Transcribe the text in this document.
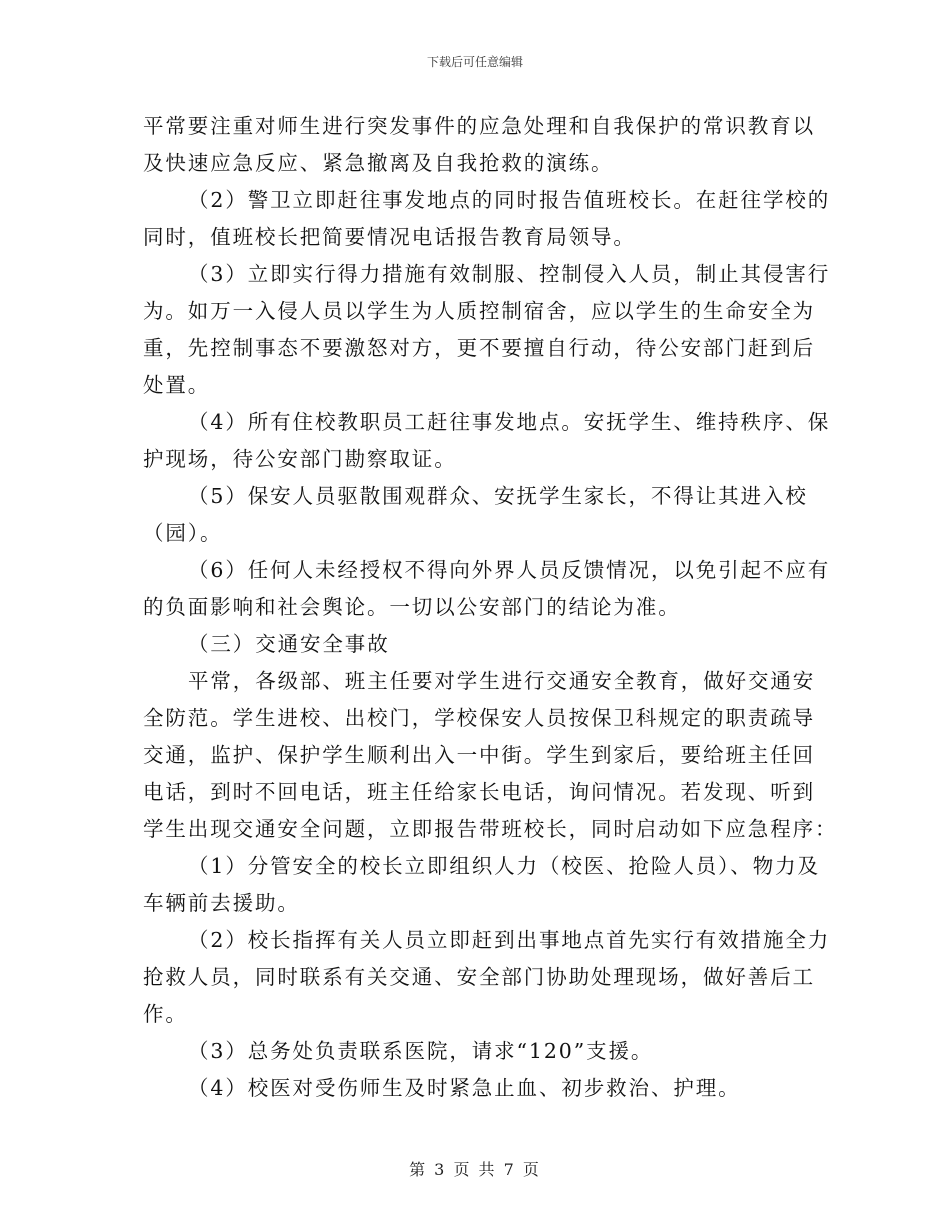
下载后可任意编辑
平常要注重对师生进行突发事件的应急处理和自我保护的常识教育以
及快速应急反应、紧急撤离及自我抢救的演练。
（2）警卫立即赶往事发地点的同时报告值班校长。在赶往学校的
同时，值班校长把简要情况电话报告教育局领导。
（3）立即实行得力措施有效制服、控制侵入人员，制止其侵害行
为。如万一入侵人员以学生为人质控制宿舍，应以学生的生命安全为
重，先控制事态不要激怒对方，更不要擅自行动，待公安部门赶到后
处置。
（4）所有住校教职员工赶往事发地点。安抚学生、维持秩序、保
护现场，待公安部门勘察取证。
（5）保安人员驱散围观群众、安抚学生家长，不得让其进入校
（园）。
（6）任何人未经授权不得向外界人员反馈情况，以免引起不应有
的负面影响和社会舆论。一切以公安部门的结论为准。
（三）交通安全事故
平常，各级部、班主任要对学生进行交通安全教育，做好交通安
全防范。学生进校、出校门，学校保安人员按保卫科规定的职责疏导
交通，监护、保护学生顺利出入一中街。学生到家后，要给班主任回
电话，到时不回电话，班主任给家长电话，询问情况。若发现、听到
学生出现交通安全问题，立即报告带班校长，同时启动如下应急程序：
（1）分管安全的校长立即组织人力（校医、抢险人员）、物力及
车辆前去援助。
（2）校长指挥有关人员立即赶到出事地点首先实行有效措施全力
抢救人员，同时联系有关交通、安全部门协助处理现场，做好善后工
作。
（3）总务处负责联系医院，请求“120”支援。
（4）校医对受伤师生及时紧急止血、初步救治、护理。
第 3 页 共 7 页
